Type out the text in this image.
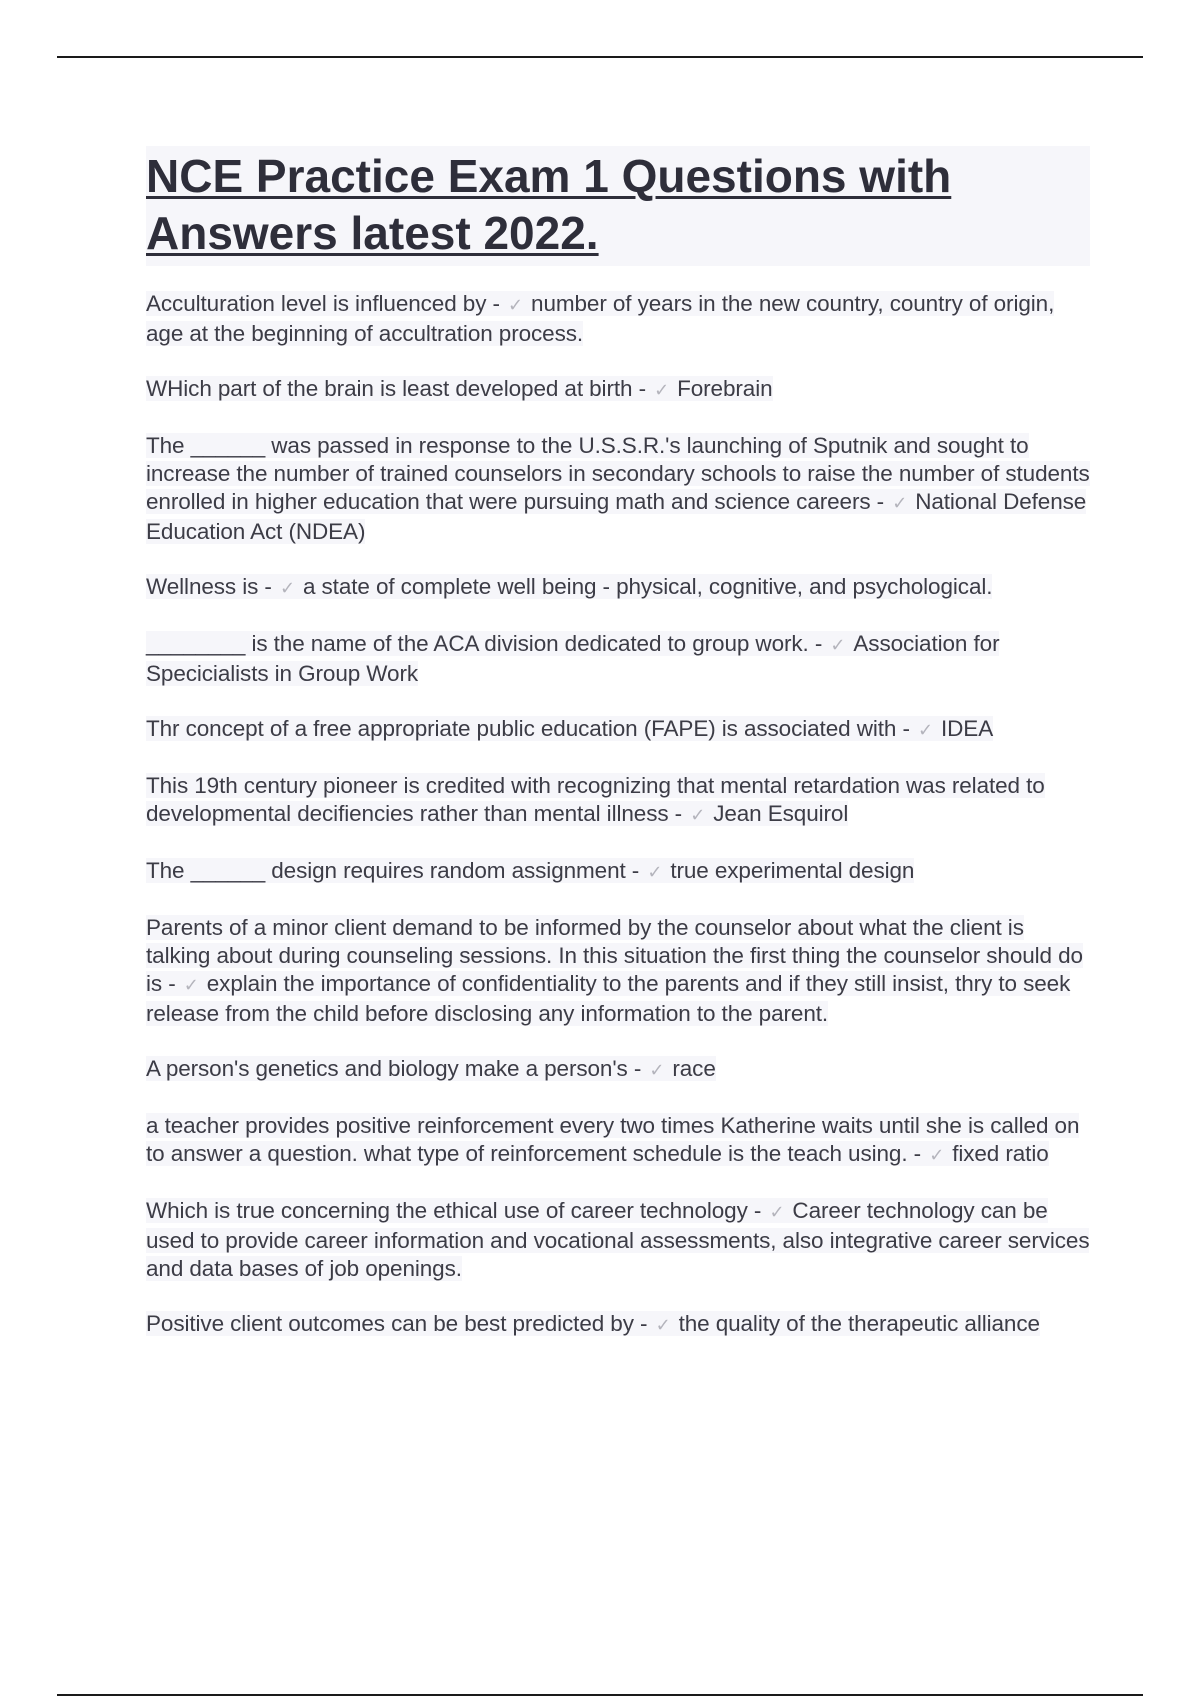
NCE Practice Exam 1 Questions with Answers latest 2022.

Acculturation level is influenced by - ✓ number of years in the new country, country of origin, age at the beginning of accultration process.

WHich part of the brain is least developed at birth - ✓ Forebrain

The ______ was passed in response to the U.S.S.R.'s launching of Sputnik and sought to increase the number of trained counselors in secondary schools to raise the number of students enrolled in higher education that were pursuing math and science careers - ✓ National Defense Education Act (NDEA)

Wellness is - ✓ a state of complete well being - physical, cognitive, and psychological.

________ is the name of the ACA division dedicated to group work. - ✓ Association for Specicialists in Group Work

Thr concept of a free appropriate public education (FAPE) is associated with - ✓ IDEA

This 19th century pioneer is credited with recognizing that mental retardation was related to developmental decifiencies rather than mental illness - ✓ Jean Esquirol

The ______ design requires random assignment - ✓ true experimental design

Parents of a minor client demand to be informed by the counselor about what the client is talking about during counseling sessions. In this situation the first thing the counselor should do is - ✓ explain the importance of confidentiality to the parents and if they still insist, thry to seek release from the child before disclosing any information to the parent.

A person's genetics and biology make a person's - ✓ race

a teacher provides positive reinforcement every two times Katherine waits until she is called on to answer a question. what type of reinforcement schedule is the teach using. - ✓ fixed ratio

Which is true concerning the ethical use of career technology - ✓ Career technology can be used to provide career information and vocational assessments, also integrative career services and data bases of job openings.

Positive client outcomes can be best predicted by - ✓ the quality of the therapeutic alliance
